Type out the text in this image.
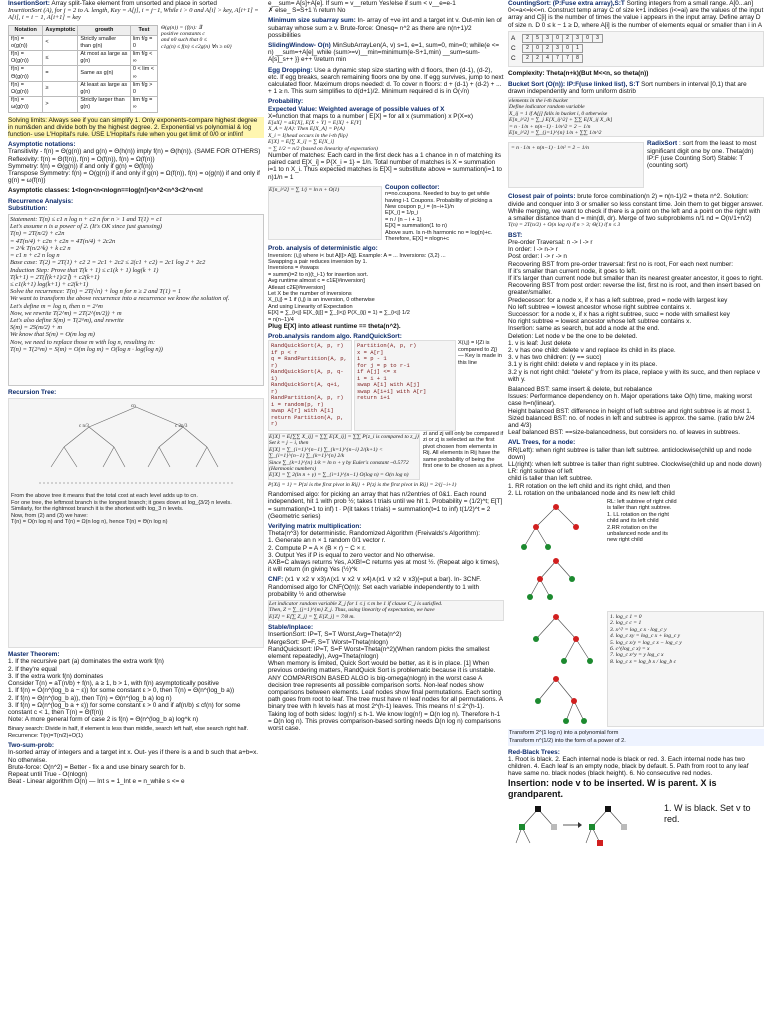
InsertionSort: Array split-Take element from unsorted and place in sorted
InsertionSort (A), for j = 2 to A. length, Key = A[j], i = j−1, While i > 0 and A[i] > key, A[i+1] = A[i], i = i − 1, A[i+1] = key
Notation	Asymptotic	growth	Test
f(n) = o(g(n))	<	Strictly smaller than g(n)	lim f/g = 0
f(n) = O(g(n))	≤	At most as large as g(n)	lim f/g < ∞
f(n) = Θ(g(n))	=	Same as g(n)	0 < lim < ∞
f(n) = Ω(g(n))	≥	At least as large as g(n)	lim f/g > 0
f(n) = ω(g(n))	>	Strictly larger than g(n)	lim f/g = ∞
Θ(g(n)) = {f(n): ∃
positive constants c
and n0 such that 0 ≤
c1g(n) ≤ f(n) ≤ c2g(n) ∀n ≥ n0}
Solving limits: Always see if you can simplify 1. Only exponents-compare highest degree in num&den and divide both by the highest degree. 2. Exponential vs polynomial & log function- use L'Hopital's rule. USE L'Hopital's rule when you get limit of 0/0 or inf/inf
Asymptotic notations:
Transitivity - f(n) = Θ(g(n)) and g(n) = Θ(h(n)) imply f(n) = Θ(h(n)). (SAME FOR OTHERS)
Reflexivity: f(n) = Θ(f(n)), f(n) = O(f(n)), f(n) = Ω(f(n))
Symmetry: f(n) = Θ(g(n)) if and only if g(n) = Θ(f(n))
Transpose Symmetry: f(n) = O(g(n)) if and only if g(n) = Ω(f(n)), f(n) = o(g(n)) if and only if g(n) = ω(f(n))
Asymptotic classes: 1<logn<n<nlogn==log(n!)<n^2<n^3<2^n<n!
Recurrence Analysis:
Substitution:
Statement: T(n) ≤ c1 n log n + c2 n for n > 1 and T(1) = c1
Let's assume n is a power of 2. (It's OK since just guessing)
T(n) = 2T(n/2) + c2n
= 4T(n/4) + c2n + c2n = 4T(n/4) + 2c2n
= 2^k T(n/2^k) + k c2 n
= c1 n + c2 n log n
Base case: T(2) = 2T(1) + c2 2 = 2c1 + 2c2 ≤ 2(c1 + c2) = 2c1 log 2 + 2c2
Induction Step: Prove that T(k + 1) ≤ c1(k + 1) log(k + 1)
T(k+1) = 2T(⌈(k+1)/2⌉) + c2(k+1)
≤ c1(k+1) log(k+1) + c2(k+1)
Solve the recurrence: T(n) = 2T(√n) + log n for n ≥ 2 and T(1) = 1
We want to transform the above recurrence into a recurrence we know the solution of.
Let's define m = log n, then n = 2^m
Now, we rewrite T(2^m) = 2T(2^(m/2)) + m
Let's also define S(m) = T(2^m), and rewrite
S(m) = 2S(m/2) + m
We know that S(m) = O(m log m)
Now, we need to replace those m with log n, resulting in:
T(n) = T(2^m) = S(m) = O(m log m) = O(log n · log(log n))
Recursion Tree:
cn
c n/3	c 2n/3
From the above tree it means that the total cost at each level adds up to cn.
For one tree, the leftmost branch is the longest branch; it goes down at log_{3/2} n levels.
Similarly, for the rightmost branch it is the shortest with log_3 n levels.
Now, from (2) and (3) we have:
T(n) = O(n log n) and T(n) = Ω(n log n), hence T(n) = Θ(n log n)
Master Theorem:
1. If the recursive part (a) dominates the extra work f(n)
2. If they're equal
3. If the extra work f(n) dominates
Consider T(n) = aT(n/b) + f(n), a ≥ 1, b > 1, with f(n) asymptotically positive
1. If f(n) = O(n^(log_b a − ε)) for some constant ε > 0, then T(n) = Θ(n^(log_b a))
2. If f(n) = Θ(n^(log_b a)), then T(n) = Θ(n^(log_b a) log n)
3. If f(n) = Ω(n^(log_b a + ε)) for some constant ε > 0 and if af(n/b) ≤ cf(n) for some constant c < 1, then T(n) = Θ(f(n))
Note: A more general form of case 2 is f(n) = Θ(n^(log_b a) log^k n)
Binary search: Divide in half, if element is less than middle, search left half, else search right half. Recurrence: T(n)=T(n/2)+O(1)
Two-sum-prob:
In-sorted array of integers and a target int x. Out- yes if there is a and b such that a+b=x. No otherwise.
Brute-force: O(n^2) = Better - fix a and use binary search for b.
Repeat until True - O(nlogn)
Beat - Linear algorithm O(n) — Int s = 1_Int e = n_while s <= e
e__sum= A[s]+A[e]. If sum = v__return Yes!else if sum < v__e=e-1
✗ else_ S=S+1 \\ return No
Minimum size subarray sum: In- array of +ve int and a target int v. Out-min len of subarray whose sum ≥ v. Brute-force: Onesq= n^2 as there are n(n+1)/2 possibilities
SlidingWindow- O(n) MinSubArrayLen(A, v) s=1, e=1, sum=0, min=0; while(e <= n) __sum=+A[e]_while (sum>=v)__min=minimum(e-S+1,min) __sum=sum-A[s]_s++ }} e++ \\return min
Egg Dropping: Use a dynamic step size starting with d floors, then (d-1), (d-2), etc. If egg breaks, search remaining floors one by one. If egg survives, jump to next calculated floor. Maximum drops needed: d. To cover n floors: d + (d-1) + (d-2) + ... + 1 ≥ n. This sum simplifies to d(d+1)/2. Minimum required d is in O(√n)
Probability:
Expected Value: Weighted average of possible values of X
X=function that maps to a number | E[X] = for all x (summation) x P(X=x)
E[aX] = aE[X], E[X + Y] = E[X] + E[Y]
X_A = I{A}: Then E[X_A] = P{A}
X_i = I{head occurs in the i-th flip}
E[X] = E[∑ X_i] = ∑ E[X_i]
= ∑ 1/2 = n/2 (based on linearity of expectation)
Number of matches: Each card in the first deck has a 1 chance in n of matching its paired card E[X_i] = P{X_i = 1} = 1/n. Total number of matches is X = summation i=1 to n X_i. Thus expected matches is E[X] = substitute above = summation(i=1 to n)1/n = 1
E[n_i^2] = ∑ 1/j = ln n + O(1)	Coupon collector:
n=no.coupons. Needed to buy to get while having i-1 Coupons. Probability of picking a New coupon p_i = (n−i+1)/n
E[X_i] = 1/p_i
= n / (n − i + 1)
E[X] = summation(1 to n)
Above sum. Is n-th harmonic no = log(n)+c. Therefore, E[X] = nlogn+c
Prob. analysis of deterministic algo:
Inversion: (i,j) where i< but A[i]> A[j]. Example: A = ... Inversions: (3,2) ...
Swapping a pair reduces inversion by 1.
Inversions = #swaps
= summ(i=2 to n)(t_i-1) for insertion sort.
Avg runtime almost c = c1E[#inversion]
Atleast c2E[#inversion]
Let X be the number of inversions
X_{i,j} = 1 if (i,j) is an inversion, 0 otherwise
And using Linearity of Expectation
E[X] = ∑_{i<j} E[X_{ij}] = ∑_{i<j} P(X_{ij} = 1) = ∑_{i<j} 1/2
= n(n−1)/4
Plug E[X] into atleast runtime == theta(n^2).
Prob.analysis random algo. RandQuickSort:
RandQuickSort(A, p, r)
if p < r
q = RandPartition(A, p, r)
RandQuickSort(A, p, q-1)
RandQuickSort(A, q+1, r)
RandPartition(A, p, r)
i = random(p, r)
swap A[r] with A[i]
return Partition(A, p, r)
Partition(A, p, r)
x = A[r]
i = p - 1
for j = p to r-1
if A[j] <= x
i = i + 1
swap A[i] with A[j]
swap A[i+1] with A[r]
return i+1
X(i,j) = I{Zi is compared to Zj} — Key is made in this line
E[X] = E[∑∑ X_ij] = ∑∑ E[X_ij] = ∑∑ P{z_i is compared to z_j}
Set k = j − i, then
E[X] = ∑_{i=1}^{n−1} ∑_{k=1}^{n−i} 2/(k+1) < ∑_{i=1}^{n−1} ∑_{k=1}^{n} 2/k
Since ∑_{k=1}^{n} 1/k = ln n + γ by Euler's constant ~0.5772 (Harmonic numbers)
E[X] = ∑ 2(ln n + γ) = ∑_{i=1}^{n−1} O(log n) = O(n log n)
zi and zj will only be compared if zi or zj is selected as the first pivot chosen from elements in Rij. All elements in Rij have the same probability of being the first one to be chosen as a pivot.
P{Xij = 1} = P{zi is the first pivot in Rij} + P{zj is the first pivot in Rij} = 2/(j−i+1)
Randomised algo: for picking an array that has n/2entries of 0&1. Each round independent, hit 1 with prob ½; takes t trials until we hit 1. Probability = (1/2)^t; E[T] = summation(t=1 to inf) t · P(it takes t trials) = summation(t=1 to inf) t(1/2)^t = 2 (Geometric series)
Verifying matrix multiplication:
Theta(n^3) for deterministic. Randomized Algorithm (Freivalds's Algorithm):
1. Generate an n × 1 random 0/1 vector r.
2. Compute P = A × (B × r) − C × r.
3. Output Yes if P is equal to zero vector and No otherwise.
AXB=C always returns Yes, AXB!=C returns yes at most ½. (Repeat algo k times), it will return (in giving Yes (½)^k
CNF: (x1 ∨ x2 ∨ x3)∧(x1 ∨ x2 ∨ x4)∧(x1 ∨ x2 ∨ x3)(=put a bar). In- 3CNF. Randomised algo for CNF(O(n)): Set each variable independently to 1 with probability ½ and otherwise
Let indicator random variable Z_j for 1 ≤ j ≤ m be 1 if clause C_j is satisfied.
Then, Z = ∑_{j=1}^{m} Z_j. Thus, using linearity of expectation, we have
E[Z] = E[∑ Z_j] = ∑ E[Z_j] = 7/8 m.
Stable/Inplace:
InsertionSort: IP=T, S=T Worst,Avg=Theta(n^2)
MergeSort: IP=F, S=T Worst=Theta(nlogn)
RandQuicksort: IP=T, S=F Worst=Theta(n^2)(When random picks the smallest element repeatedly), Avg=Theta(nlogn)
When memory is limited, Quick Sort would be better, as it is in place. [1] When previous ordering matters, RandQuick Sort is problematic because it is unstable.
ANY COMPARISON BASED ALGO is big-omega(nlogn) in the worst case A decision tree represents all possible comparison sorts. Non-leaf nodes show comparisons between elements. Leaf nodes show final permutations. Each sorting path goes from root to leaf. The tree must have n! leaf nodes for all permutations. A binary tree with h levels has at most 2^(h-1) leaves. This means n! ≤ 2^(h-1). Taking log of both sides: log(n!) ≤ h-1. We know log(n!) = Ω(n log n). Therefore h-1 = Ω(n log n). This proves comparison-based sorting needs Ω(n log n) comparisons worst case.
CountingSort: (P:Fuse extra array),S:T Sorting integers from a small range. A[0...an] 0<=a<=k<=n. Construct temp array C of size k+1 indices (i<=ai) are the values of the input array and C[i] is the number of times the value i appears in the input array. Define array D of size n. D 0 ≤ k − 1 ≥ D, where A[i] is the number of elements equal or smaller than i in A
A	2	5	3	0	2	3	0	3
C	2	0	2	3	0	1
C	2	2	4	7	7	8
Complexity: Theta(n+k)(But M<<n, so theta(n))
Bucket Sort (O(n)): IP:F(use linked list), S:T Sort numbers in interval [0,1) that are drawn independently and form uniform distrib
elements in the i-th bucket
Define indicator random variable
X_ij = 1 if A[j] falls in bucket i, 0 otherwise
E[n_i^2] = ∑_j E[X_ij^2] + ∑∑ E[X_ij X_ik]
= n · 1/n + n(n−1) · 1/n^2 = 2 − 1/n
E[n_i^2] = ∑_{j=1}^{n} 1/n + ∑∑ 1/n^2
= n · 1/n + n(n−1) · 1/n² = 2 − 1/n
RadixSort : sort from the least to most significant digit one by one. Theta(dn)
IP:F (use Counting Sort) Stable: T (counting sort)
Closest pair of points: brute force combination(n 2) = n(n-1)/2 = theta n^2. Solution: divide and conquer into 3 or smaller so less constant time. Join them to get bigger answer. While merging, we want to check if there is a point on the left and a point on the right with a smaller distance than d = min(dl, dr). Merge of two subproblems n/1 nd = O(n/1+n/2)
T(n) = 2T(n/2) + O(n log n) if n > 3; Θ(1) if n ≤ 3
BST:
Pre-order Traversal: n -> l -> r
In order: l -> n-> r
Post order: l -> r -> n
Recovering BST from pre-order traversal: first no is root, For each next number:
If it's smaller than current node, it goes to left.
If it's larger than current node but smaller than its nearest greater ancestor, it goes to right.
Recovering BST from post order: reverse the list, first no is root, and then insert based on greater/smaller.
Predecessor: for a node x, if x has a left subtree, pred = node with largest key
No left subtree = lowest ancestor whose right subtree contains x.
Successor: for a node x, if x has a right subtree, succ = node with smallest key
No right subtree = lowest ancestor whose left subtree contains x.
Insertion: same as search, but add a node at the end.
Deletion: Let node v be the one to be deleted.
1. v is leaf: Just delete
2. v has one child: delete v and replace its child in its place.
3. v has two children: (y == succ)
3.1 y is right child: delete v and replace y in its place.
3.2 y is not right child: "delete" y from its place, replace y with its succ, and then replace v with y.
Balanced BST: same insert & delete, but rebalance
Issues: Performance dependency on h. Major operations take O(h) time, making worst case h=n(linear).
Height balanced BST: difference in height of left subtree and right subtree is at most 1.
Sized balanced BST: no. of nodes in left and subtree is approx. the same. (ratio b/w 2/4 and 4/3)
Leaf balanced BST: ==size-balancedness, but considers no. of leaves in subtrees.
AVL Trees, for a node:
RR(Left): when right subtree is taller than left subtree. anticlockwise(child up and node down)
LL(right): when left subtree is taller than right subtree. Clockwise(child up and node down)
LR: right subtree of left
child is taller than left subtree.
1. RR rotation on the left child and its right child, and then
2. LL rotation on the unbalanced node and its new left child
RL: left subtree of right child
is taller than right subtree.
1. LL rotation on the right
child and its left child
2.RR rotation on the
unbalanced node and its
new right child
1. log_c 1 = 0
2. log_c c = 1
3. x^? = log_c x · log_c y
4. log_c xy = log_c x + log_c y
5. log_c x/y = log_c x − log_c y
6. c^(log_c x) = x
7. log_c x^y = y log_c x
8. log_c x = log_b x / log_b c
Transform 2^(1 log n) into a polynomial form
Transform n^(1/2) into the form of a power of 2.
Red-Black Trees:
1. Root is black. 2. Each internal node is black or red. 3. Each internal node has two children. 4. Each leaf is an empty node, black by default. 5. Path from root to any leaf have same no. black nodes (black height). 6. No consecutive red nodes.
Insertion: node v to be inserted. W is parent. X is grandparent.
1. W is black. Set v to red.
